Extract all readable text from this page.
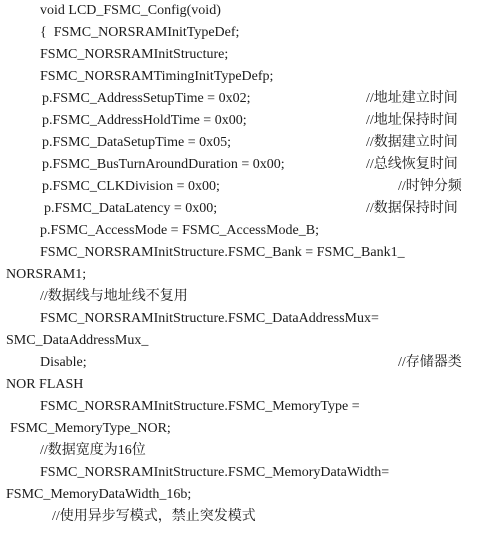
void LCD_FSMC_Config(void)
{  FSMC_NORSRAMInitTypeDef;
FSMC_NORSRAMInitStructure;
FSMC_NORSRAMTimingInitTypeDefp;
p.FSMC_AddressSetupTime = 0x02;	//地址建立时间
p.FSMC_AddressHoldTime = 0x00;	//地址保持时间
p.FSMC_DataSetupTime = 0x05;	//数据建立时间
p.FSMC_BusTurnAroundDuration = 0x00;	//总线恢复时间
p.FSMC_CLKDivision = 0x00;	//时钟分频
p.FSMC_DataLatency = 0x00;	//数据保持时间
p.FSMC_AccessMode = FSMC_AccessMode_B;
FSMC_NORSRAMInitStructure.FSMC_Bank = FSMC_Bank1_
NORSRAM1;
//数据线与地址线不复用
FSMC_NORSRAMInitStructure.FSMC_DataAddressMux=
SMC_DataAddressMux_
Disable;	//存储器类
NOR FLASH
FSMC_NORSRAMInitStructure.FSMC_MemoryType =
FSMC_MemoryType_NOR;
//数据宽度为16位
FSMC_NORSRAMInitStructure.FSMC_MemoryDataWidth=
FSMC_MemoryDataWidth_16b;
//使用异步写模式，禁止突发模式
